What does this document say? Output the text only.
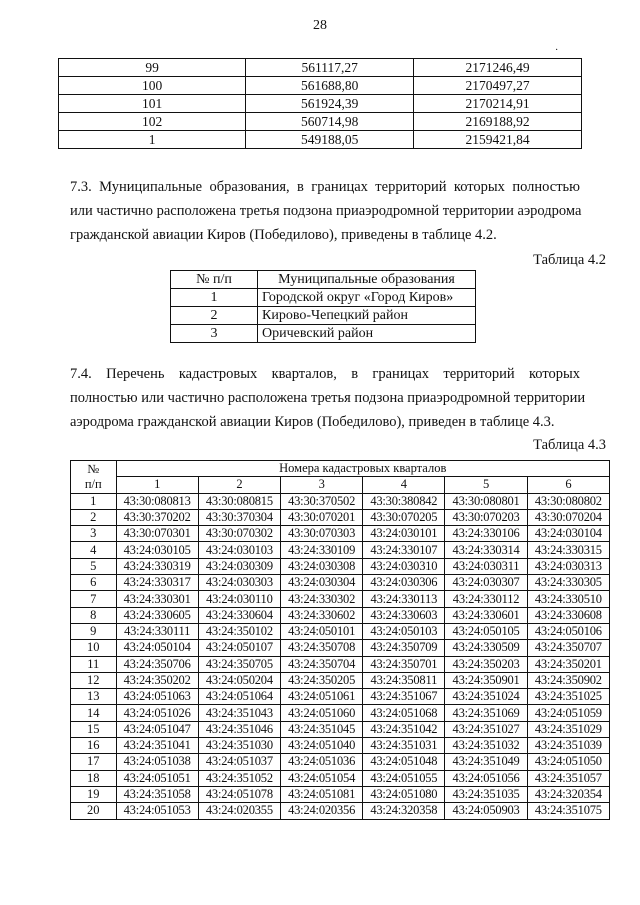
28
·
99	561117,27	2171246,49
100	561688,80	2170497,27
101	561924,39	2170214,91
102	560714,98	2169188,92
1	549188,05	2159421,84
7.3. Муниципальные образования, в границах территорий которых полностью
или частично расположена третья подзона приаэродромной территории аэродрома
гражданской авиации Киров (Победилово), приведены в таблице 4.2.
Таблица 4.2
№ п/п	Муниципальные образования
1	Городской округ «Город Киров»
2	Кирово-Чепецкий район
3	Оричевский район
7.4. Перечень кадастровых кварталов, в границах территорий которых
полностью или частично расположена третья подзона приаэродромной территории
аэродрома гражданской авиации Киров (Победилово), приведен в таблице 4.3.
Таблица 4.3
№
п/п	Номера кадастровых кварталов					
	1	2	3	4	5	6
1	43:30:080813	43:30:080815	43:30:370502	43:30:380842	43:30:080801	43:30:080802
2	43:30:370202	43:30:370304	43:30:070201	43:30:070205	43:30:070203	43:30:070204
3	43:30:070301	43:30:070302	43:30:070303	43:24:030101	43:24:330106	43:24:030104
4	43:24:030105	43:24:030103	43:24:330109	43:24:330107	43:24:330314	43:24:330315
5	43:24:330319	43:24:030309	43:24:030308	43:24:030310	43:24:030311	43:24:030313
6	43:24:330317	43:24:030303	43:24:030304	43:24:030306	43:24:030307	43:24:330305
7	43:24:330301	43:24:030110	43:24:330302	43:24:330113	43:24:330112	43:24:330510
8	43:24:330605	43:24:330604	43:24:330602	43:24:330603	43:24:330601	43:24:330608
9	43:24:330111	43:24:350102	43:24:050101	43:24:050103	43:24:050105	43:24:050106
10	43:24:050104	43:24:050107	43:24:350708	43:24:350709	43:24:330509	43:24:350707
11	43:24:350706	43:24:350705	43:24:350704	43:24:350701	43:24:350203	43:24:350201
12	43:24:350202	43:24:050204	43:24:350205	43:24:350811	43:24:350901	43:24:350902
13	43:24:051063	43:24:051064	43:24:051061	43:24:351067	43:24:351024	43:24:351025
14	43:24:051026	43:24:351043	43:24:051060	43:24:051068	43:24:351069	43:24:051059
15	43:24:051047	43:24:351046	43:24:351045	43:24:351042	43:24:351027	43:24:351029
16	43:24:351041	43:24:351030	43:24:051040	43:24:351031	43:24:351032	43:24:351039
17	43:24:051038	43:24:051037	43:24:051036	43:24:051048	43:24:351049	43:24:051050
18	43:24:051051	43:24:351052	43:24:051054	43:24:051055	43:24:051056	43:24:351057
19	43:24:351058	43:24:051078	43:24:051081	43:24:051080	43:24:351035	43:24:320354
20	43:24:051053	43:24:020355	43:24:020356	43:24:320358	43:24:050903	43:24:351075
